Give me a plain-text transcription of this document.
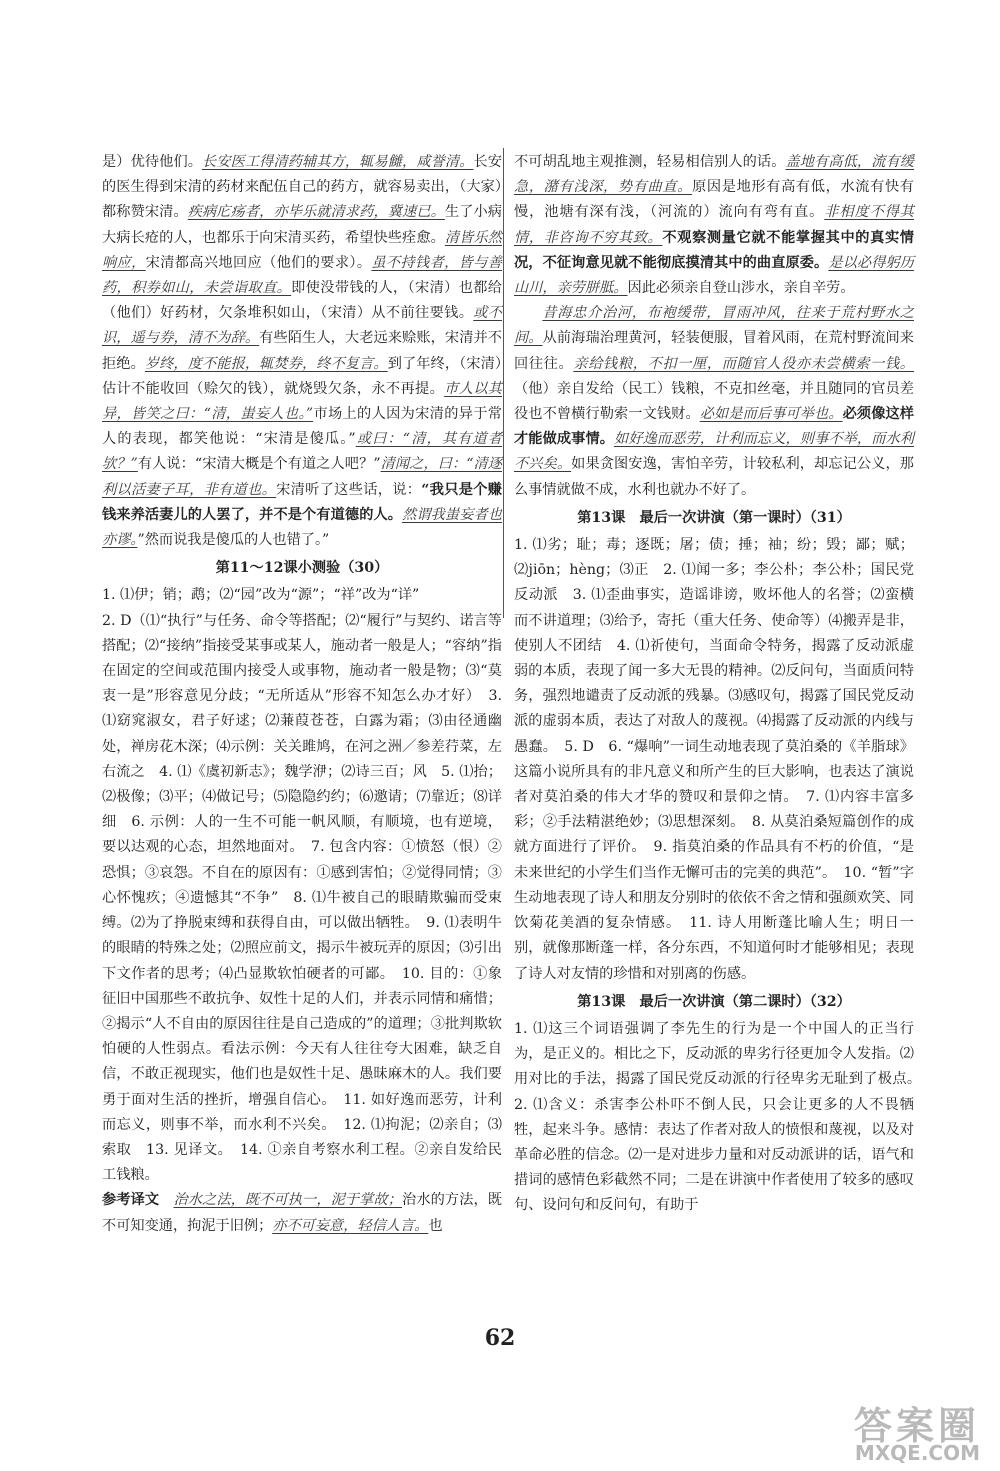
是）优待他们。长安医工得清药辅其方，辄易雠，咸誉清。长安的医生得到宋清的药材来配伍自己的药方，就容易卖出，（大家）都称赞宋清。疾病庀疡者，亦毕乐就清求药，冀速已。生了小病大病长疮的人，也都乐于向宋清买药，希望快些痊愈。清皆乐然响应，宋清都高兴地回应（他们的要求）。虽不持钱者，皆与善药，积券如山，未尝诣取直。即使没带钱的人，（宋清）也都给（他们）好药材，欠条堆积如山，（宋清）从不前往要钱。或不识，遥与券，清不为辞。有些陌生人，大老远来赊账，宋清并不拒绝。岁终，度不能报，辄焚券，终不复言。到了年终，（宋清）估计不能收回（赊欠的钱），就烧毁欠条，永不再提。市人以其异，皆笑之曰：“清，蚩妄人也。”市场上的人因为宋清的异于常人的表现，都笑他说：“宋清是傻瓜。”或曰：“清，其有道者欤？”有人说：“宋清大概是个有道之人吧？”清闻之，曰：“清逐利以活妻子耳，非有道也。宋清听了这些话，说：“我只是个赚钱来养活妻儿的人罢了，并不是个有道德的人。然谓我蚩妄者也亦谬。”然而说我是傻瓜的人也错了。”

第11～12课小测验（30）

1. ⑴伊；销；鹉；⑵“园”改为“源”；“祥”改为“详”

2. D（⑴“执行”与任务、命令等搭配；⑵“履行”与契约、诺言等搭配；⑵“接纳”指接受某事或某人，施动者一般是人；“容纳”指在固定的空间或范围内接受人或事物，施动者一般是物；⑶“莫衷一是”形容意见分歧；“无所适从”形容不知怎么办才好）　3. ⑴窈窕淑女，君子好逑；⑵蒹葭苍苍，白露为霜；⑶由径通幽处，禅房花木深；⑷示例：关关雎鸠，在河之洲／参差荇菜，左右流之　4. ⑴《虞初新志》；魏学洢；⑵诗三百；风　5. ⑴抬；⑵极像；⑶平；⑷做记号；⑸隐隐约约；⑹邀请；⑺靠近；⑻详细　6. 示例：人的一生不可能一帆风顺，有顺境，也有逆境，要以达观的心态，坦然地面对。　7. 包含内容：①愤怒（恨）②恐惧；③哀怨。不自在的原因有：①感到害怕；②觉得同情；③心怀愧疚；④遗憾其“不争”　8. ⑴牛被自己的眼睛欺骗而受束缚。⑵为了挣脱束缚和获得自由，可以做出牺牲。　9. ⑴表明牛的眼睛的特殊之处；⑵照应前文，揭示牛被玩弄的原因；⑶引出下文作者的思考；⑷凸显欺软怕硬者的可鄙。　10. 目的：①象征旧中国那些不敢抗争、奴性十足的人们，并表示同情和痛惜；②揭示“人不自由的原因往往是自己造成的”的道理；③批判欺软怕硬的人性弱点。看法示例：今天有人往往夸大困难，缺乏自信，不敢正视现实，他们也是奴性十足、愚昧麻木的人。我们要勇于面对生活的挫折，增强自信心。　11. 如好逸而恶劳，计利而忘义，则事不举，而水利不兴矣。　12. ⑴拘泥；⑵亲自；⑶索取　13. 见译文。　14. ①亲自考察水利工程。②亲自发给民工钱粮。

参考译文　 治水之法，既不可执一，泥于掌故；治水的方法，既不可知变通，拘泥于旧例；亦不可妄意，轻信人言。也

不可胡乱地主观推测，轻易相信别人的话。盖地有高低，流有缓急，潴有浅深，势有曲直。原因是地形有高有低，水流有快有慢，池塘有深有浅，（河流的）流向有弯有直。非相度不得其情，非咨询不穷其致。不观察测量它就不能掌握其中的真实情况，不征询意见就不能彻底摸清其中的曲直原委。是以必得躬历山川，亲劳胼胝。因此必须亲自登山涉水，亲自辛劳。

昔海忠介治河，布袍缓带，冒雨冲风，往来于荒村野水之间。从前海瑞治理黄河，轻装便服，冒着风雨，在荒村野流间来回往往。亲给钱粮，不扣一厘，而随官人役亦未尝横索一钱。（他）亲自发给（民工）钱粮，不克扣丝毫，并且随同的官员差役也不曾横行勒索一文钱财。必如是而后事可举也。必须像这样才能做成事情。如好逸而恶劳，计利而忘义，则事不举，而水利不兴矣。如果贪图安逸，害怕辛劳，计较私利，却忘记公义，那么事情就做不成，水利也就办不好了。

第13课　最后一次讲演（第一课时）（31）

1. ⑴劣；耻；毒；逐既；屠；债；捶；袖；纷；毁；鄙；赋；⑵jiōn；hèng；⑶正　2. ⑴闻一多；李公朴；李公朴；国民党反动派　3. ⑴歪曲事实，造谣诽谤，败坏他人的名誉；⑵蛮横而不讲道理；⑶给予，寄托（重大任务、使命等）⑷搬弄是非，使别人不团结　4. ⑴祈使句，当面命令特务，揭露了反动派虚弱的本质，表现了闻一多大无畏的精神。⑵反问句，当面质问特务，强烈地谴责了反动派的残暴。⑶感叹句，揭露了国民党反动派的虚弱本质，表达了对敌人的蔑视。⑷揭露了反动派的内线与愚蠢。　5. D　6. “爆响”一词生动地表现了莫泊桑的《羊脂球》这篇小说所具有的非凡意义和所产生的巨大影响，也表达了演说者对莫泊桑的伟大才华的赞叹和景仰之情。　7. ⑴内容丰富多彩；②手法精湛绝妙；⑶思想深刻。　8. 从莫泊桑短篇创作的成就方面进行了评价。　9. 指莫泊桑的作品具有不朽的价值，“是未来世纪的小学生们当作无懈可击的完美的典范”。　10. “暂”字生动地表现了诗人和朋友分别时的依依不舍之情和强颜欢笑、同饮菊花美酒的复杂情感。　11. 诗人用断蓬比喻人生；明日一别，就像那断蓬一样，各分东西，不知道何时才能够相见；表现了诗人对友情的珍惜和对别离的伤感。

第13课　最后一次讲演（第二课时）（32）

1. ⑴这三个词语强调了李先生的行为是一个中国人的正当行为，是正义的。相比之下，反动派的卑劣行径更加令人发指。⑵用对比的手法，揭露了国民党反动派的行径卑劣无耻到了极点。　2. ⑴含义：杀害李公朴吓不倒人民，只会让更多的人不畏牺牲，起来斗争。感情：表达了作者对敌人的愤恨和蔑视，以及对革命必胜的信念。⑵一是对进步力量和对反动派讲的话，语气和措词的感情色彩截然不同；二是在讲演中作者使用了较多的感叹句、设问句和反问句，有助于

62
答案圈
MXQE.COM
